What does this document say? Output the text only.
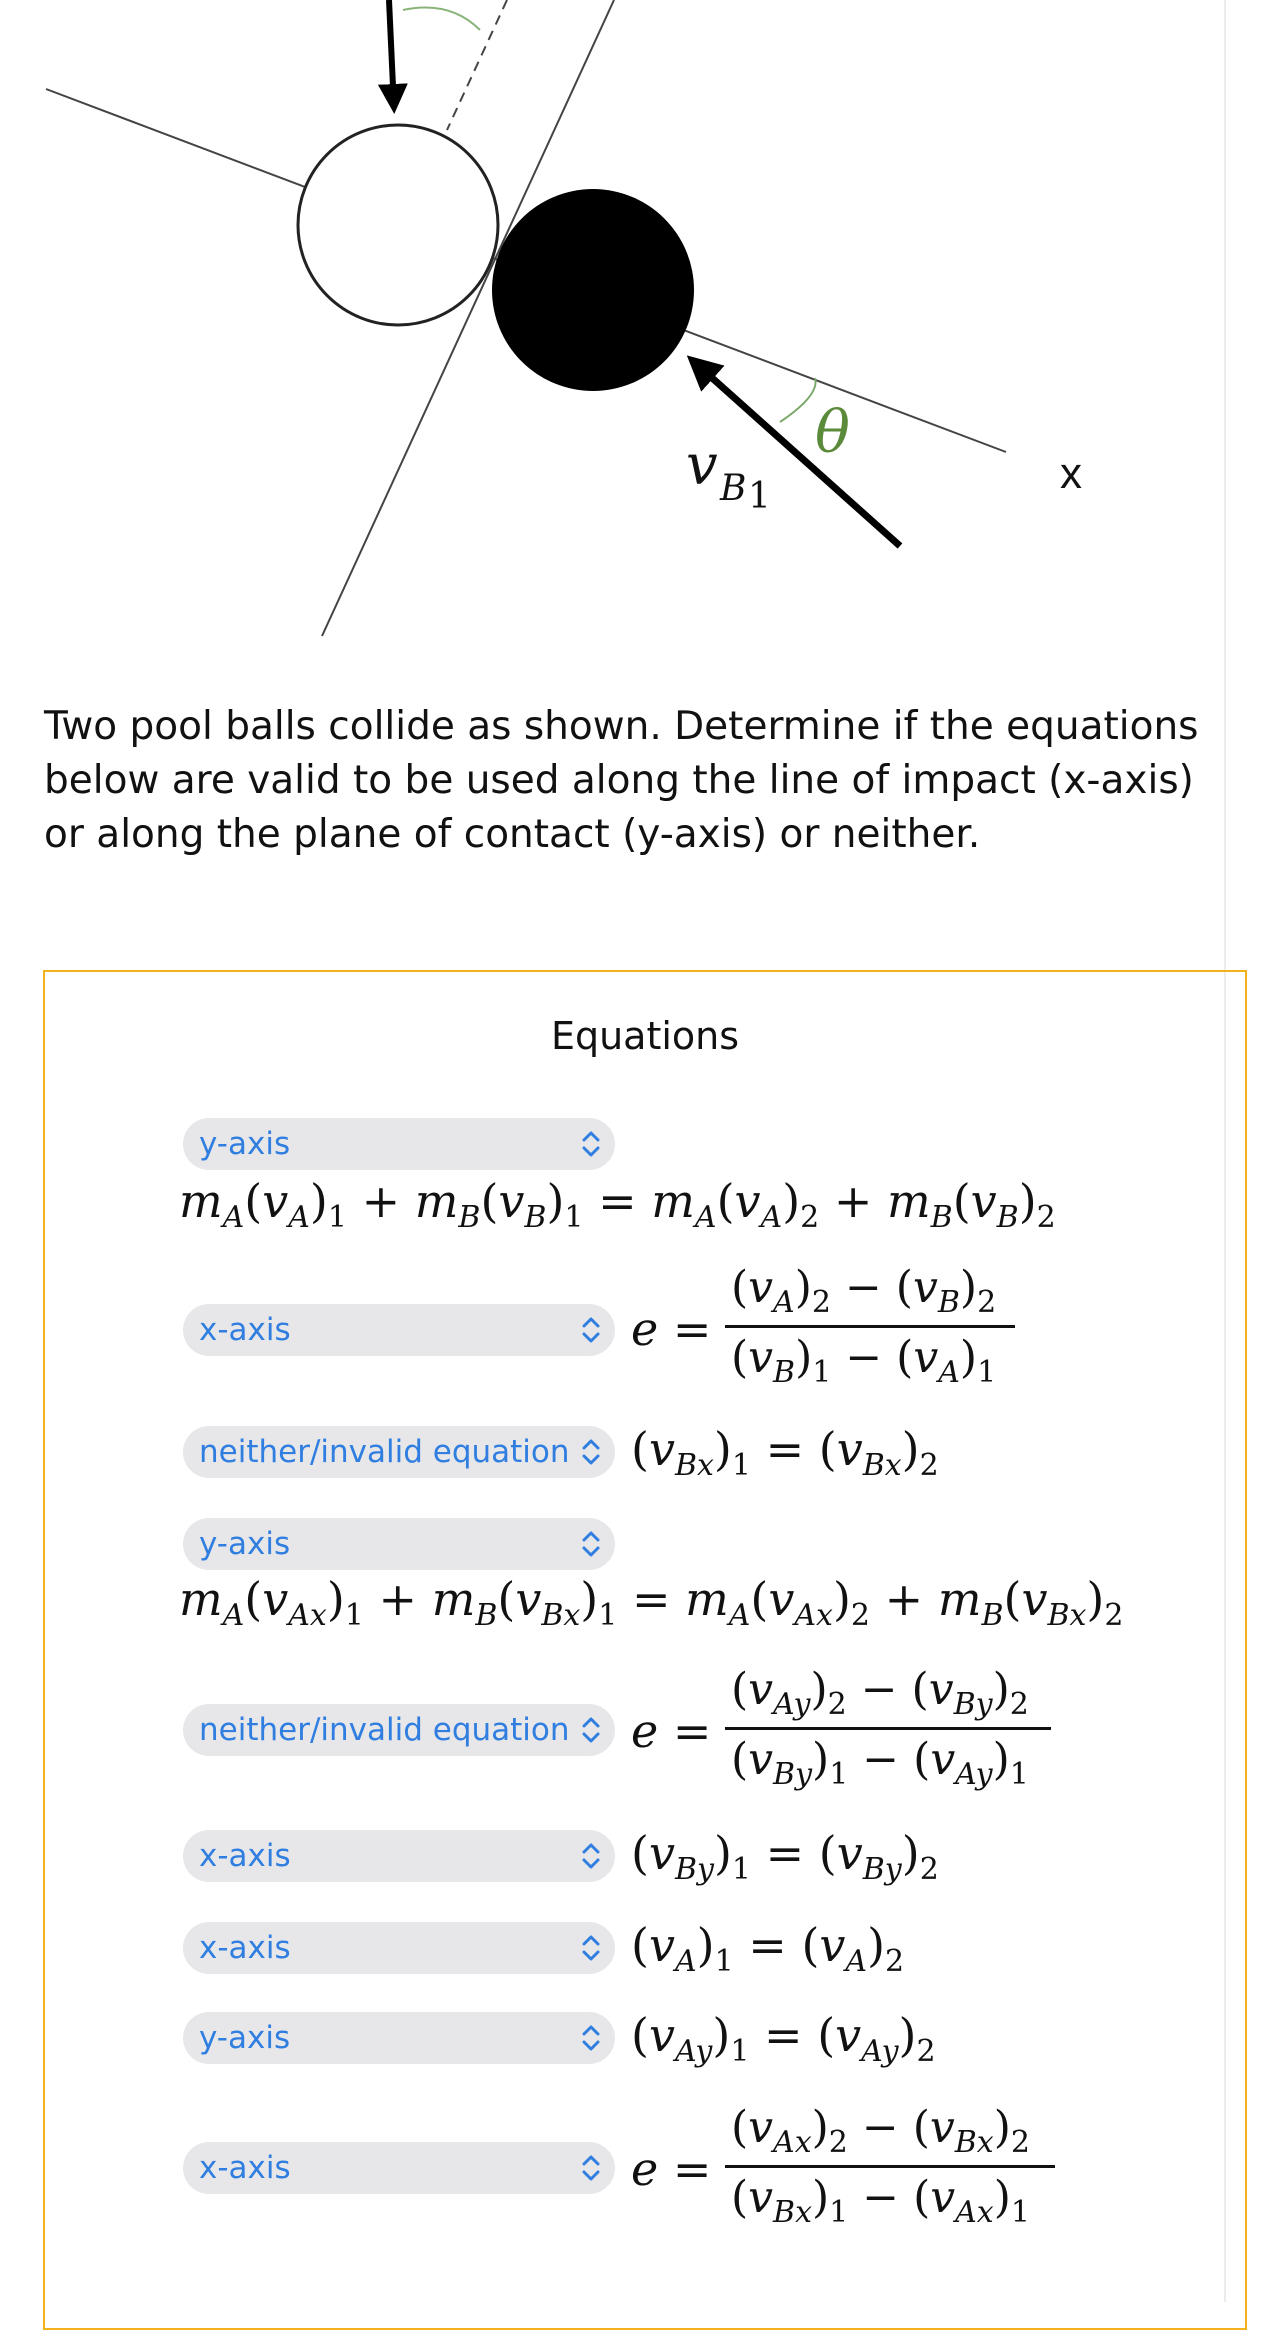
θ
v B 1	x

Two pool balls collide as shown. Determine if the equations below are valid to be used along the line of impact (x-axis) or along the plane of contact (y-axis) or neither.

Equations
y-axis
$m_A(v_A)_1 + m_B(v_B)_1 = m_A(v_A)_2 + m_B(v_B)_2$
x-axis	e =
$(v_A)_2 - (v_B)_2$
$(v_B)_1 - (v_A)_1$
neither/invalid equation	$(v_{Bx})_1 = (v_{Bx})_2$
y-axis
$m_A(v_{Ax})_1 + m_B(v_{Bx})_1 = m_A(v_{Ax})_2 + m_B(v_{Bx})_2$
neither/invalid equation	e =
$(v_{Ay})_2 - (v_{By})_2$
$(v_{By})_1 - (v_{Ay})_1$
x-axis	$(v_{By})_1 = (v_{By})_2$
x-axis	$(v_A)_1 = (v_A)_2$
y-axis	$(v_{Ay})_1 = (v_{Ay})_2$
x-axis	e =
$(v_{Ax})_2 - (v_{Bx})_2$
$(v_{Bx})_1 - (v_{Ax})_1$
